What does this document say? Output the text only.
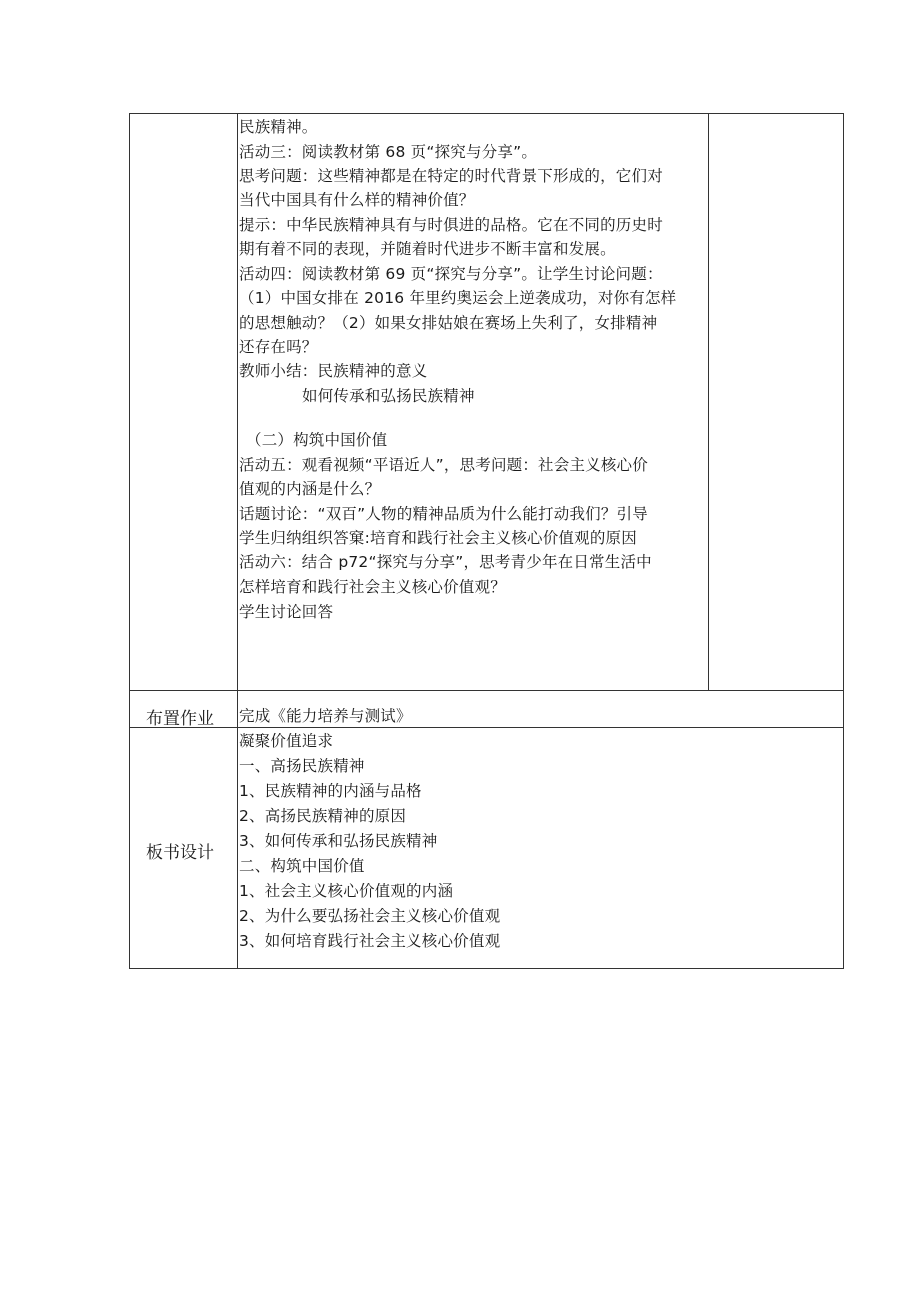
民族精神。
活动三：阅读教材第 68 页“探究与分享”。
思考问题：这些精神都是在特定的时代背景下形成的，它们对
当代中国具有什么样的精神价值？
提示：中华民族精神具有与时俱进的品格。它在不同的历史时
期有着不同的表现，并随着时代进步不断丰富和发展。
活动四：阅读教材第 69 页“探究与分享”。让学生讨论问题：
（1）中国女排在 2016 年里约奥运会上逆袭成功，对你有怎样
的思想触动？（2）如果女排姑娘在赛场上失利了，女排精神
还存在吗？
教师小结：民族精神的意义
如何传承和弘扬民族精神
（二）构筑中国价值
活动五：观看视频“平语近人”，思考问题：社会主义核心价
值观的内涵是什么？
话题讨论：“双百”人物的精神品质为什么能打动我们？引导
学生归纳组织答窠:培育和践行社会主义核心价值观的原因
活动六：结合 p72“探究与分享”，思考青少年在日常生活中
怎样培育和践行社会主义核心价值观？
学生讨论回答
布置作业 完成《能力培养与测试》
板书设计
凝聚价值追求
一、高扬民族精神
1、民族精神的内涵与品格
2、高扬民族精神的原因
3、如何传承和弘扬民族精神
二、构筑中国价值
1、社会主义核心价值观的内涵
2、为什么要弘扬社会主义核心价值观
3、如何培育践行社会主义核心价值观
